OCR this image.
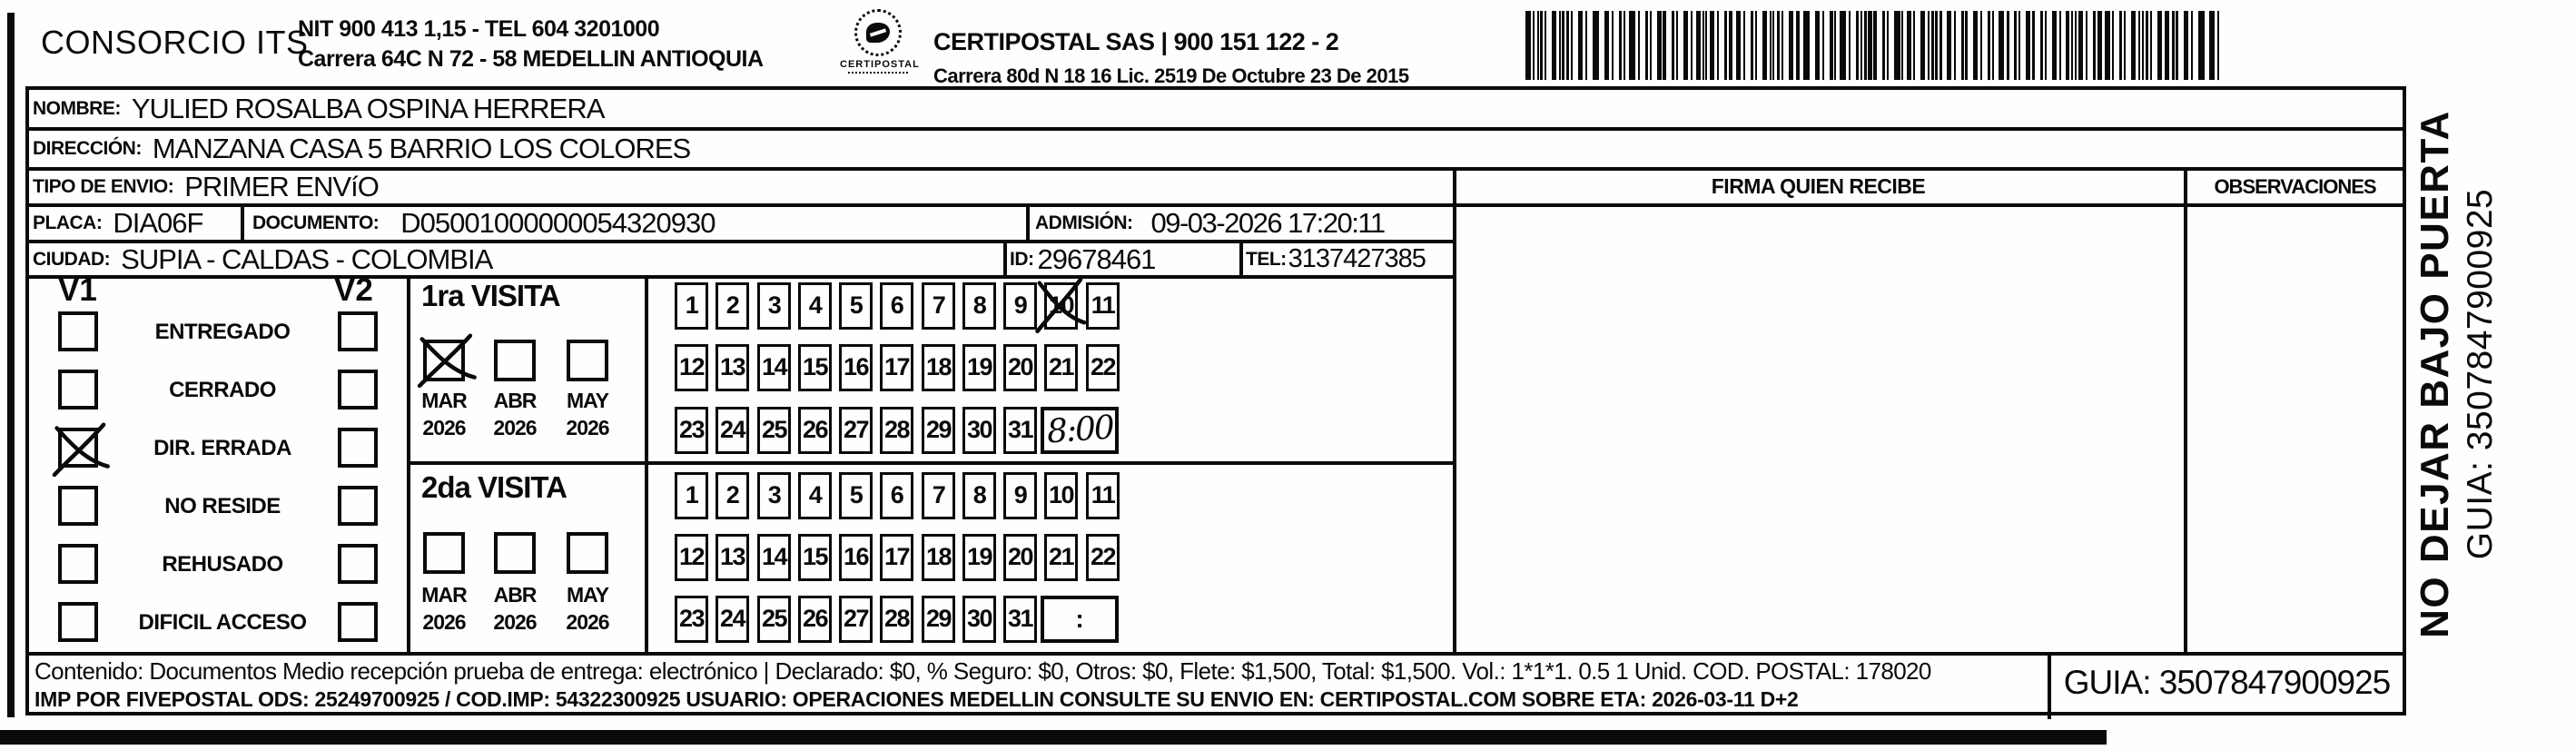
CONSORCIO ITS
NIT 900 413 1,15 - TEL 604 3201000
Carrera 64C N 72 - 58 MEDELLIN ANTIOQUIA	CERTIPOSTAL
CERTIPOSTAL SAS | 900 151 122 - 2
Carrera 80d N 18 16 Lic. 2519 De Octubre 23 De 2015
NOMBRE: YULIED ROSALBA OSPINA HERRERA
DIRECCIÓN: MANZANA CASA 5 BARRIO LOS COLORES
TIPO DE ENVIO: PRIMER ENVíO
PLACA: DIA06F	DOCUMENTO: D05001000000054320930	ADMISIÓN: 09-03-2026 17:20:11
CIUDAD: SUPIA - CALDAS - COLOMBIA	ID: 29678461	TEL: 3137427385
V1	V2
ENTREGADO
CERRADO
DIR. ERRADA
NO RESIDE
REHUSADO
DIFICIL ACCESO
1ra VISITA
2da VISITA
MAR
2026
ABR
2026
MAY
2026
MAR
2026
ABR
2026
MAY
2026
1	2	3	4	5	6	7	8	9 10 11
12 13 14 15 16 17 18 19 20 21 22
23 24 25 26 27 28 29 30 31 8:00
1	2	3	4	5	6	7	8	9 10 11
12 13 14 15 16 17 18 19 20 21 22
23 24 25 26 27 28 29 30 31	:
FIRMA QUIEN RECIBE	OBSERVACIONES
Contenido: Documentos Medio recepción prueba de entrega: electrónico | Declarado: $0, % Seguro: $0, Otros: $0, Flete: $1,500, Total: $1,500. Vol.: 1*1*1. 0.5 1 Unid. COD. POSTAL: 178020
IMP POR FIVEPOSTAL ODS: 25249700925 / COD.IMP: 54322300925 USUARIO: OPERACIONES MEDELLIN CONSULTE SU ENVIO EN: CERTIPOSTAL.COM SOBRE ETA: 2026-03-11 D+2	GUIA: 3507847900925
NO DEJAR BAJO PUERTA GUIA: 3507847900925
